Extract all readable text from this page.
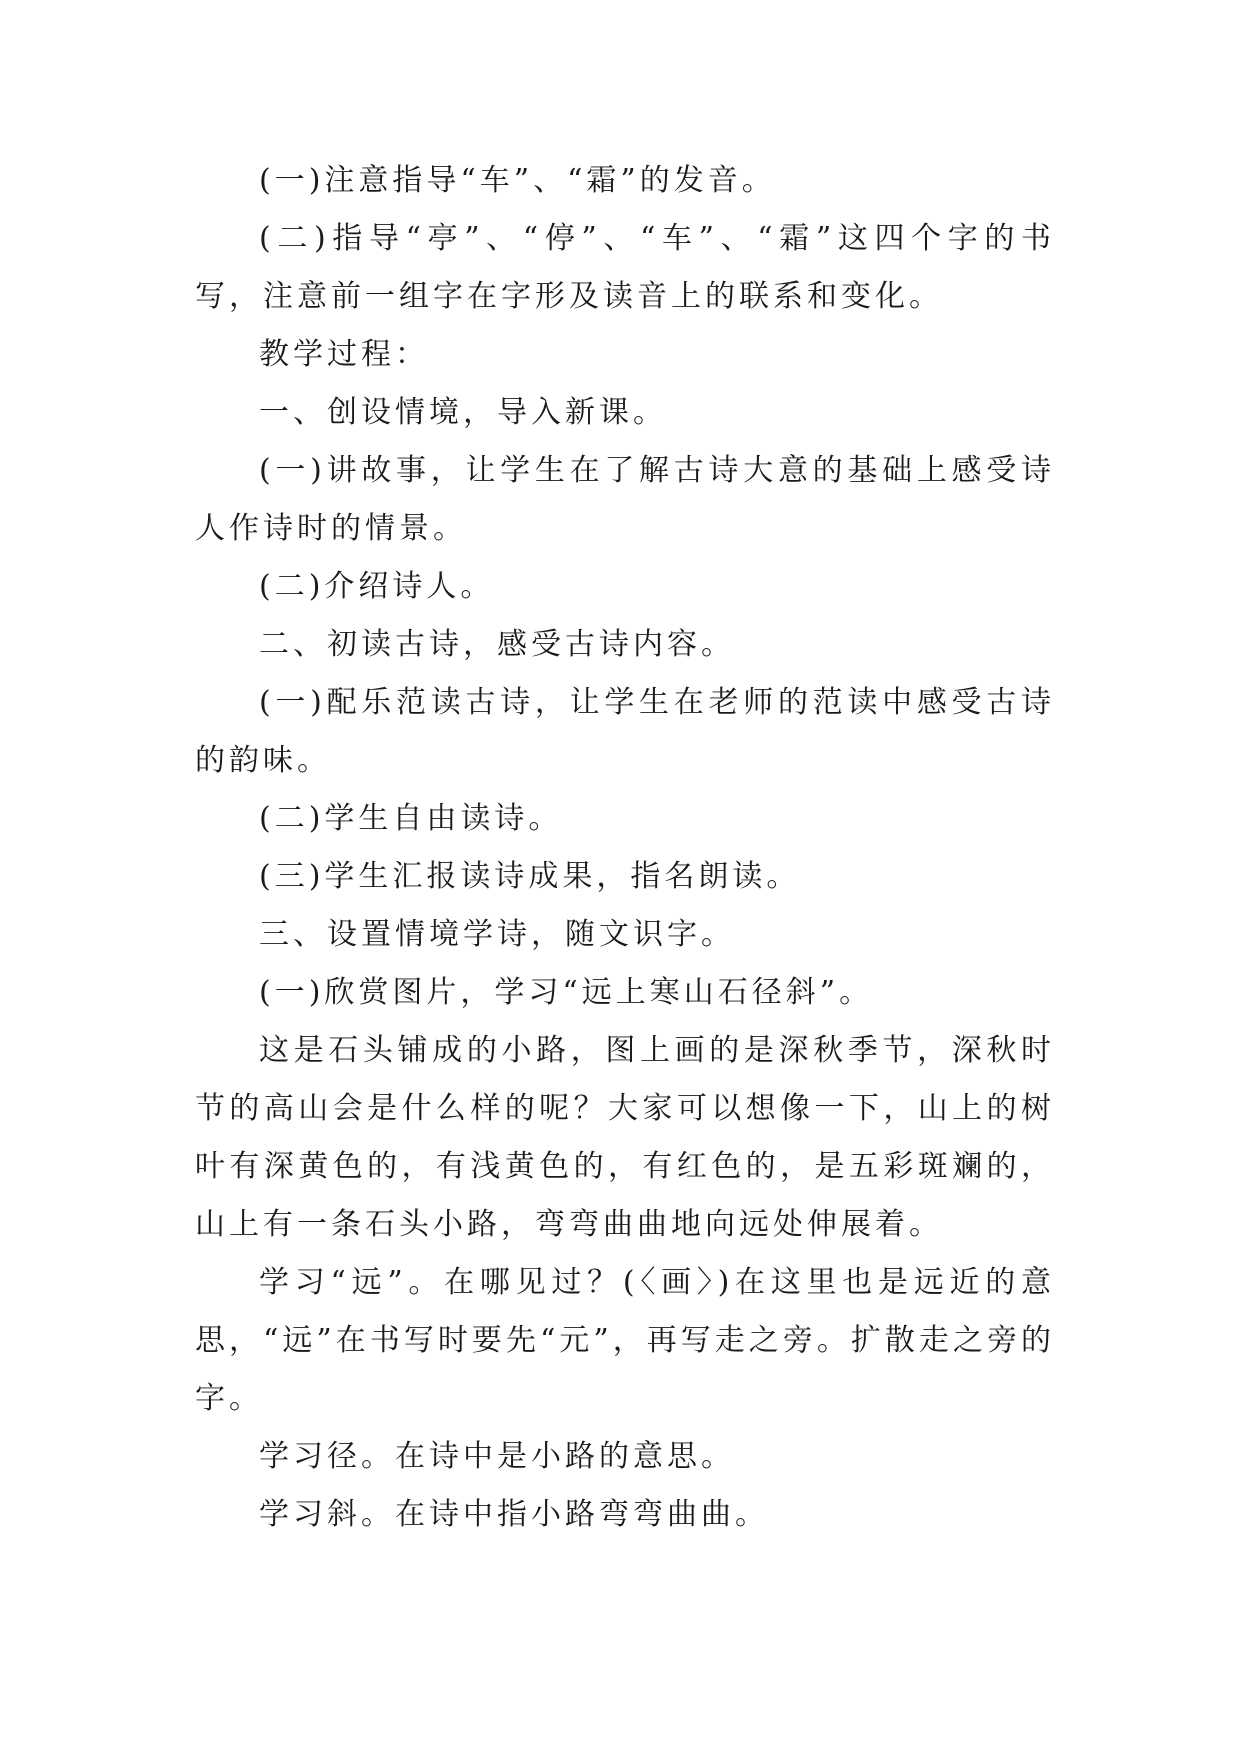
(一)注意指导“车”、“霜”的发音。

(二)指导“亭”、“停”、“车”、“霜”这四个字的书写，注意前一组字在字形及读音上的联系和变化。

教学过程：

一、创设情境，导入新课。

(一)讲故事，让学生在了解古诗大意的基础上感受诗人作诗时的情景。

(二)介绍诗人。

二、初读古诗，感受古诗内容。

(一)配乐范读古诗，让学生在老师的范读中感受古诗的韵味。

(二)学生自由读诗。

(三)学生汇报读诗成果，指名朗读。

三、设置情境学诗，随文识字。

(一)欣赏图片，学习“远上寒山石径斜”。

这是石头铺成的小路，图上画的是深秋季节，深秋时节的高山会是什么样的呢？大家可以想像一下，山上的树叶有深黄色的，有浅黄色的，有红色的，是五彩斑斓的，山上有一条石头小路，弯弯曲曲地向远处伸展着。

学习“远”。在哪见过？(〈画〉)在这里也是远近的意思，“远”在书写时要先“元”，再写走之旁。扩散走之旁的字。

学习径。在诗中是小路的意思。

学习斜。在诗中指小路弯弯曲曲。
